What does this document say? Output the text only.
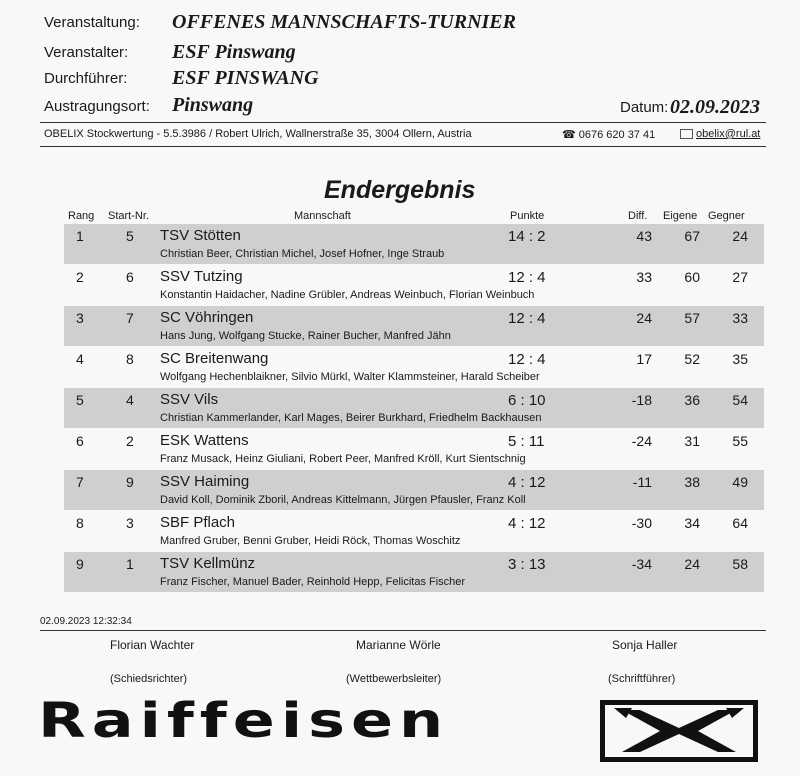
Veranstaltung: OFFENES MANNSCHAFTS-TURNIER
Veranstalter: ESF Pinswang
Durchführer: ESF PINSWANG
Austragungsort: Pinswang	Datum: 02.09.2023
OBELIX Stockwertung - 5.5.3986 / Robert Ulrich, Wallnerstraße 35, 3004 Ollern, Austria	☎ 0676 620 37 41	obelix@rul.at
Endergebnis
Rang Start-Nr.	Mannschaft	Punkte	Diff. Eigene Gegner
1	5 TSV Stötten
Christian Beer, Christian Michel, Josef Hofner, Inge Straub
14 : 2	43 67 24
2	6 SSV Tutzing
Konstantin Haidacher, Nadine Grübler, Andreas Weinbuch, Florian Weinbuch
12 : 4	33 60 27
3	7 SC Vöhringen
Hans Jung, Wolfgang Stucke, Rainer Bucher, Manfred Jähn
12 : 4	24 57 33
4	8 SC Breitenwang
Wolfgang Hechenblaikner, Silvio Mürkl, Walter Klammsteiner, Harald Scheiber
12 : 4	17 52 35
5	4 SSV Vils
Christian Kammerlander, Karl Mages, Beirer Burkhard, Friedhelm Backhausen
6 : 10	-18 36 54
6	2 ESK Wattens
Franz Musack, Heinz Giuliani, Robert Peer, Manfred Kröll, Kurt Sientschnig
5 : 11	-24 31 55
7	9 SSV Haiming
David Koll, Dominik Zboril, Andreas Kittelmann, Jürgen Pfausler, Franz Koll
4 : 12	-11 38 49
8	3 SBF Pflach
Manfred Gruber, Benni Gruber, Heidi Röck, Thomas Woschitz
4 : 12	-30 34 64
9	1 TSV Kellmünz
Franz Fischer, Manuel Bader, Reinhold Hepp, Felicitas Fischer
3 : 13	-34 24 58
02.09.2023 12:32:34
Florian Wachter
(Schiedsrichter)
Marianne Wörle
(Wettbewerbsleiter)
Sonja Haller
(Schriftführer)
Raiffeisen
